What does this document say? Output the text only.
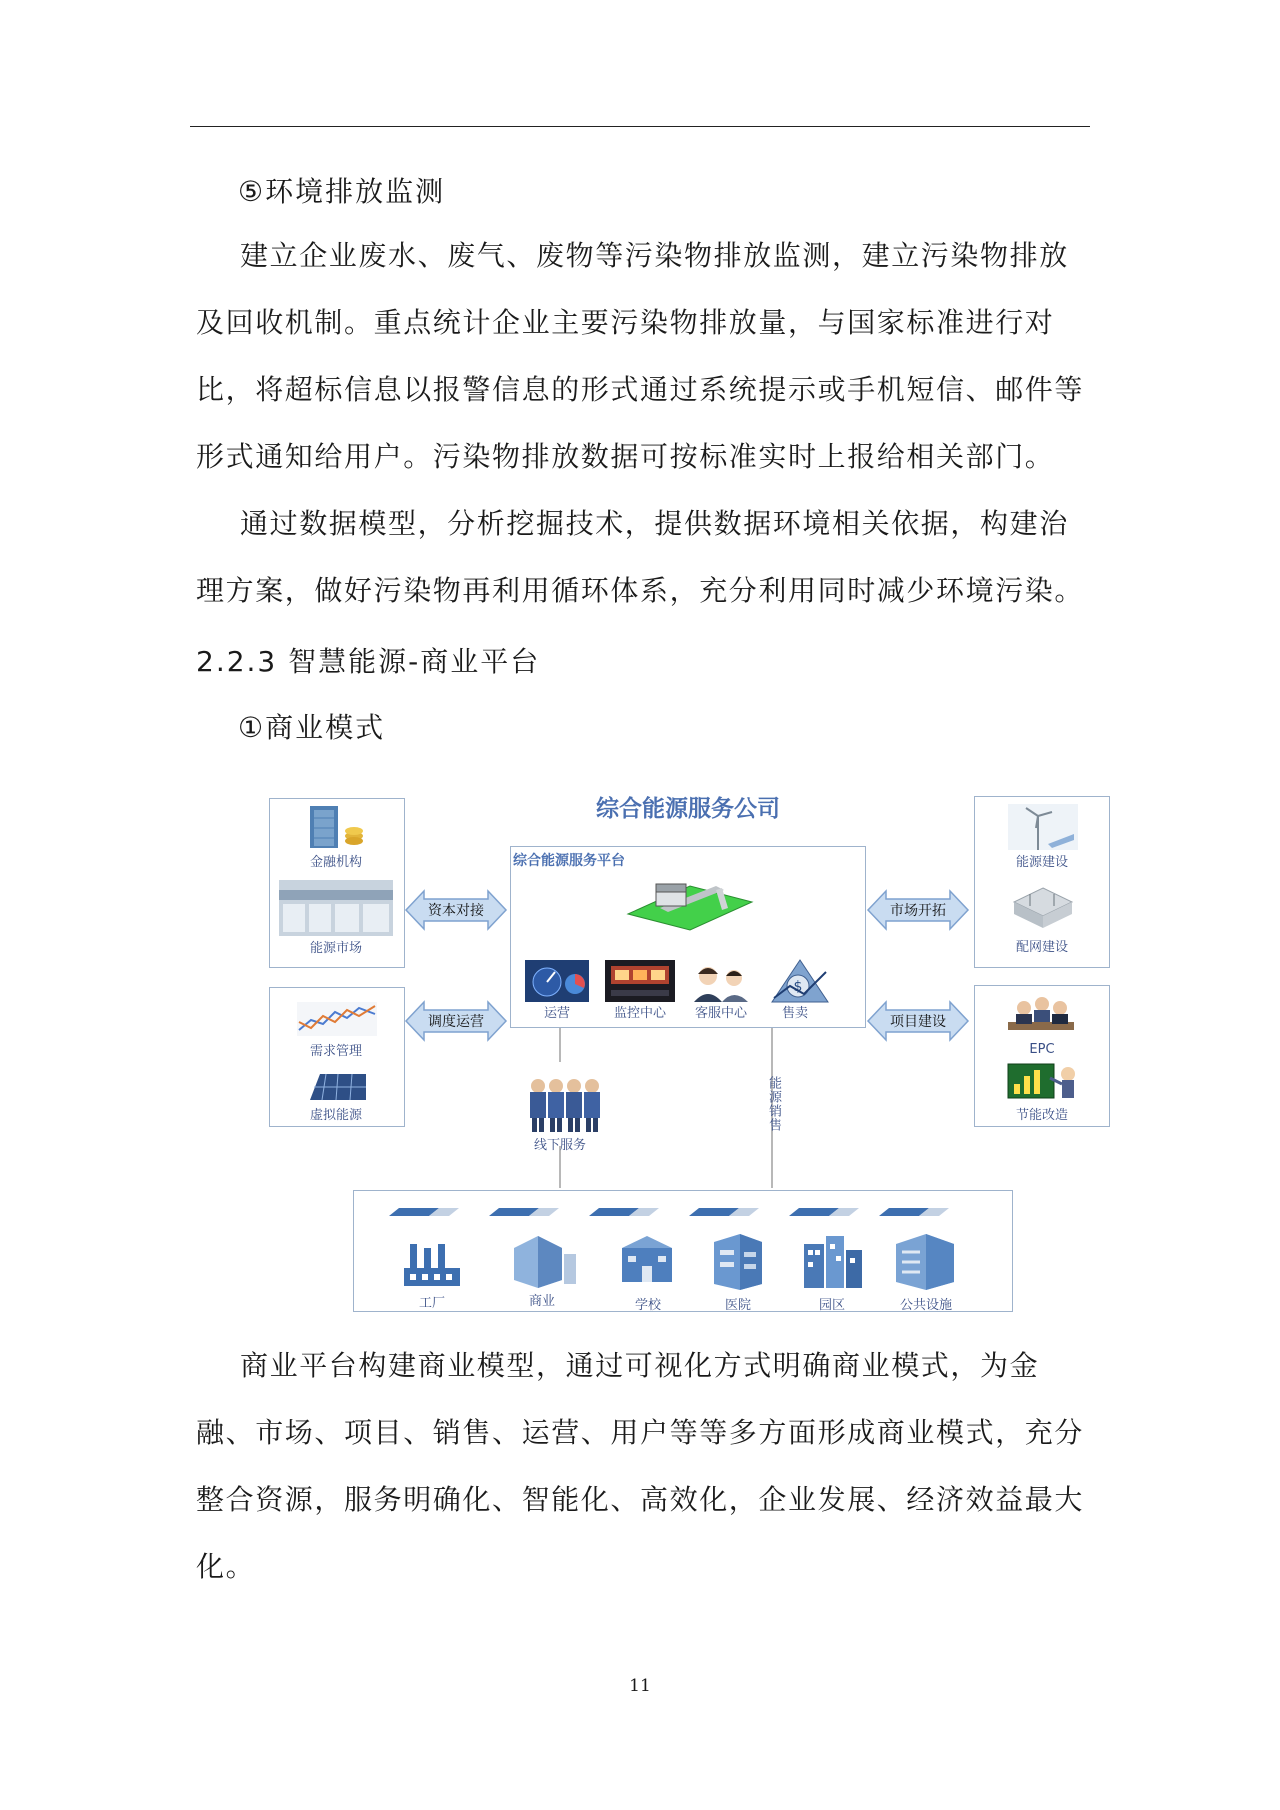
⑤环境排放监测

建立企业废水、废气、废物等污染物排放监测，建立污染物排放及回收机制。重点统计企业主要污染物排放量，与国家标准进行对比，将超标信息以报警信息的形式通过系统提示或手机短信、邮件等形式通知给用户。污染物排放数据可按标准实时上报给相关部门。

通过数据模型，分析挖掘技术，提供数据环境相关依据，构建治理方案，做好污染物再利用循环体系，充分利用同时减少环境污染。

2.2.3 智慧能源-商业平台

①商业模式

综合能源服务公司
金融机构
能源市场
需求管理
虚拟能源
综合能源服务平台
运营	监控中心 客服中心
$
售卖
资本对接
调度运营
市场开拓
项目建设
能源建设
配网建设
EPC
节能改造
线下服务
能源销售
工厂	商业	学校	医院	园区	公共设施

商业平台构建商业模型，通过可视化方式明确商业模式，为金融、市场、项目、销售、运营、用户等等多方面形成商业模式，充分整合资源，服务明确化、智能化、高效化，企业发展、经济效益最大化。

11
